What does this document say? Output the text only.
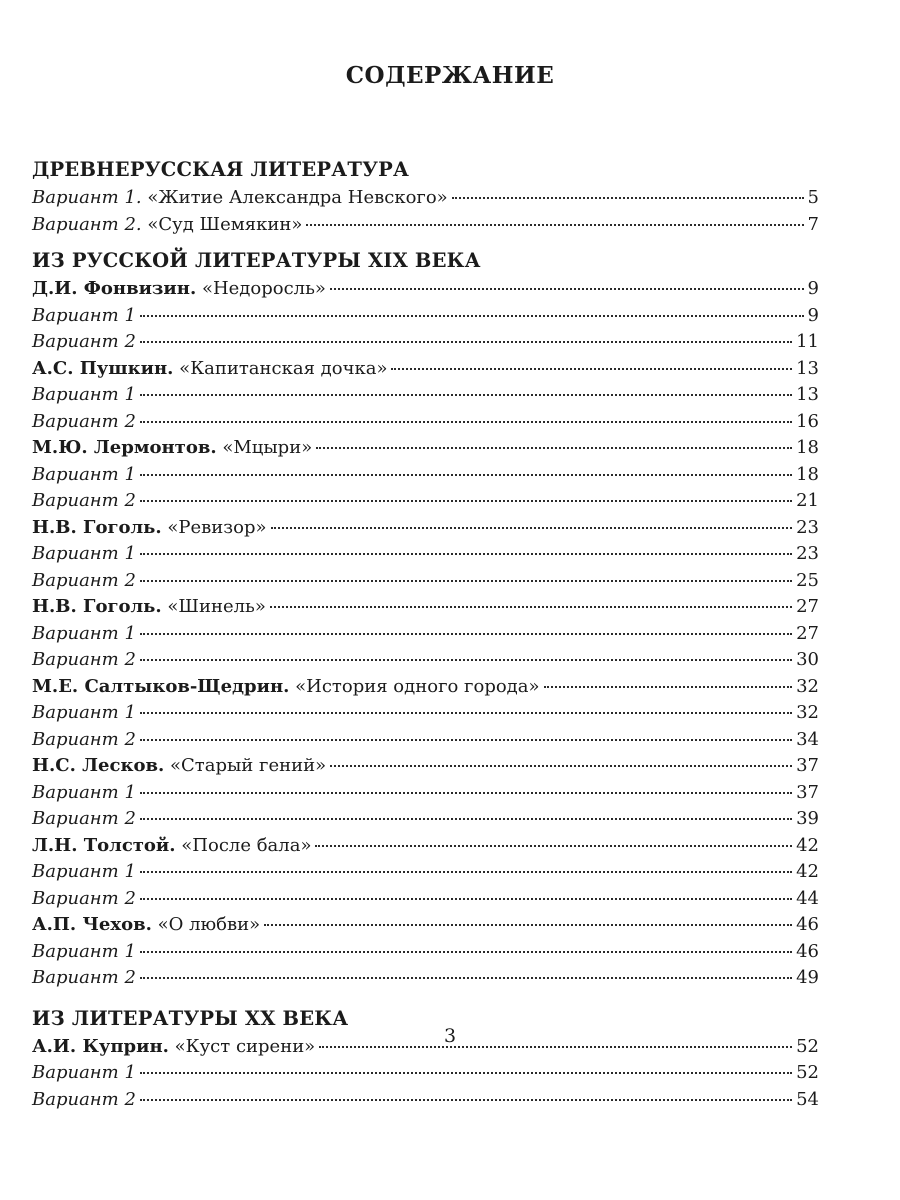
СОДЕРЖАНИЕ
ДРЕВНЕРУССКАЯ ЛИТЕРАТУРА
Вариант 1. «Житие Александра Невского»	5
Вариант 2. «Суд Шемякин»	7
ИЗ РУССКОЙ ЛИТЕРАТУРЫ XIX ВЕКА
Д.И. Фонвизин. «Недоросль»	9
Вариант 1	9
Вариант 2	11
А.С. Пушкин. «Капитанская дочка»	13
Вариант 1	13
Вариант 2	16
М.Ю. Лермонтов. «Мцыри»	18
Вариант 1	18
Вариант 2	21
Н.В. Гоголь. «Ревизор»	23
Вариант 1	23
Вариант 2	25
Н.В. Гоголь. «Шинель»	27
Вариант 1	27
Вариант 2	30
М.Е. Салтыков-Щедрин. «История одного города»	32
Вариант 1	32
Вариант 2	34
Н.С. Лесков. «Старый гений»	37
Вариант 1	37
Вариант 2	39
Л.Н. Толстой. «После бала»	42
Вариант 1	42
Вариант 2	44
А.П. Чехов. «О любви»	46
Вариант 1	46
Вариант 2	49
ИЗ ЛИТЕРАТУРЫ XX ВЕКА
А.И. Куприн. «Куст сирени»	52
Вариант 1	52
Вариант 2	54
3
